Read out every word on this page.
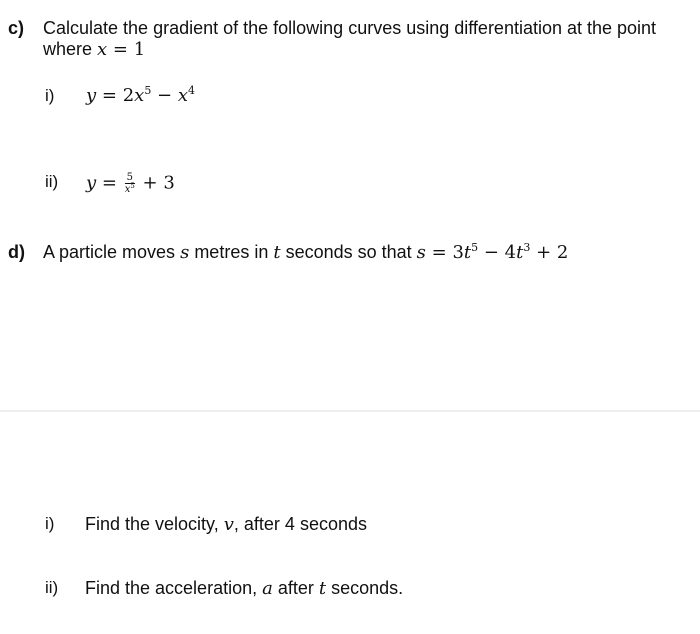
c) Calculate the gradient of the following curves using differentiation at the point
where x = 1
i) $y = 2x^5 - x^4$
ii) $y = \frac{5}{x^5} + 3$
d) A particle moves s metres in t seconds so that $s = 3t^5 - 4t^3 + 2$
i) Find the velocity, v, after 4 seconds
ii) Find the acceleration, a after t seconds.
